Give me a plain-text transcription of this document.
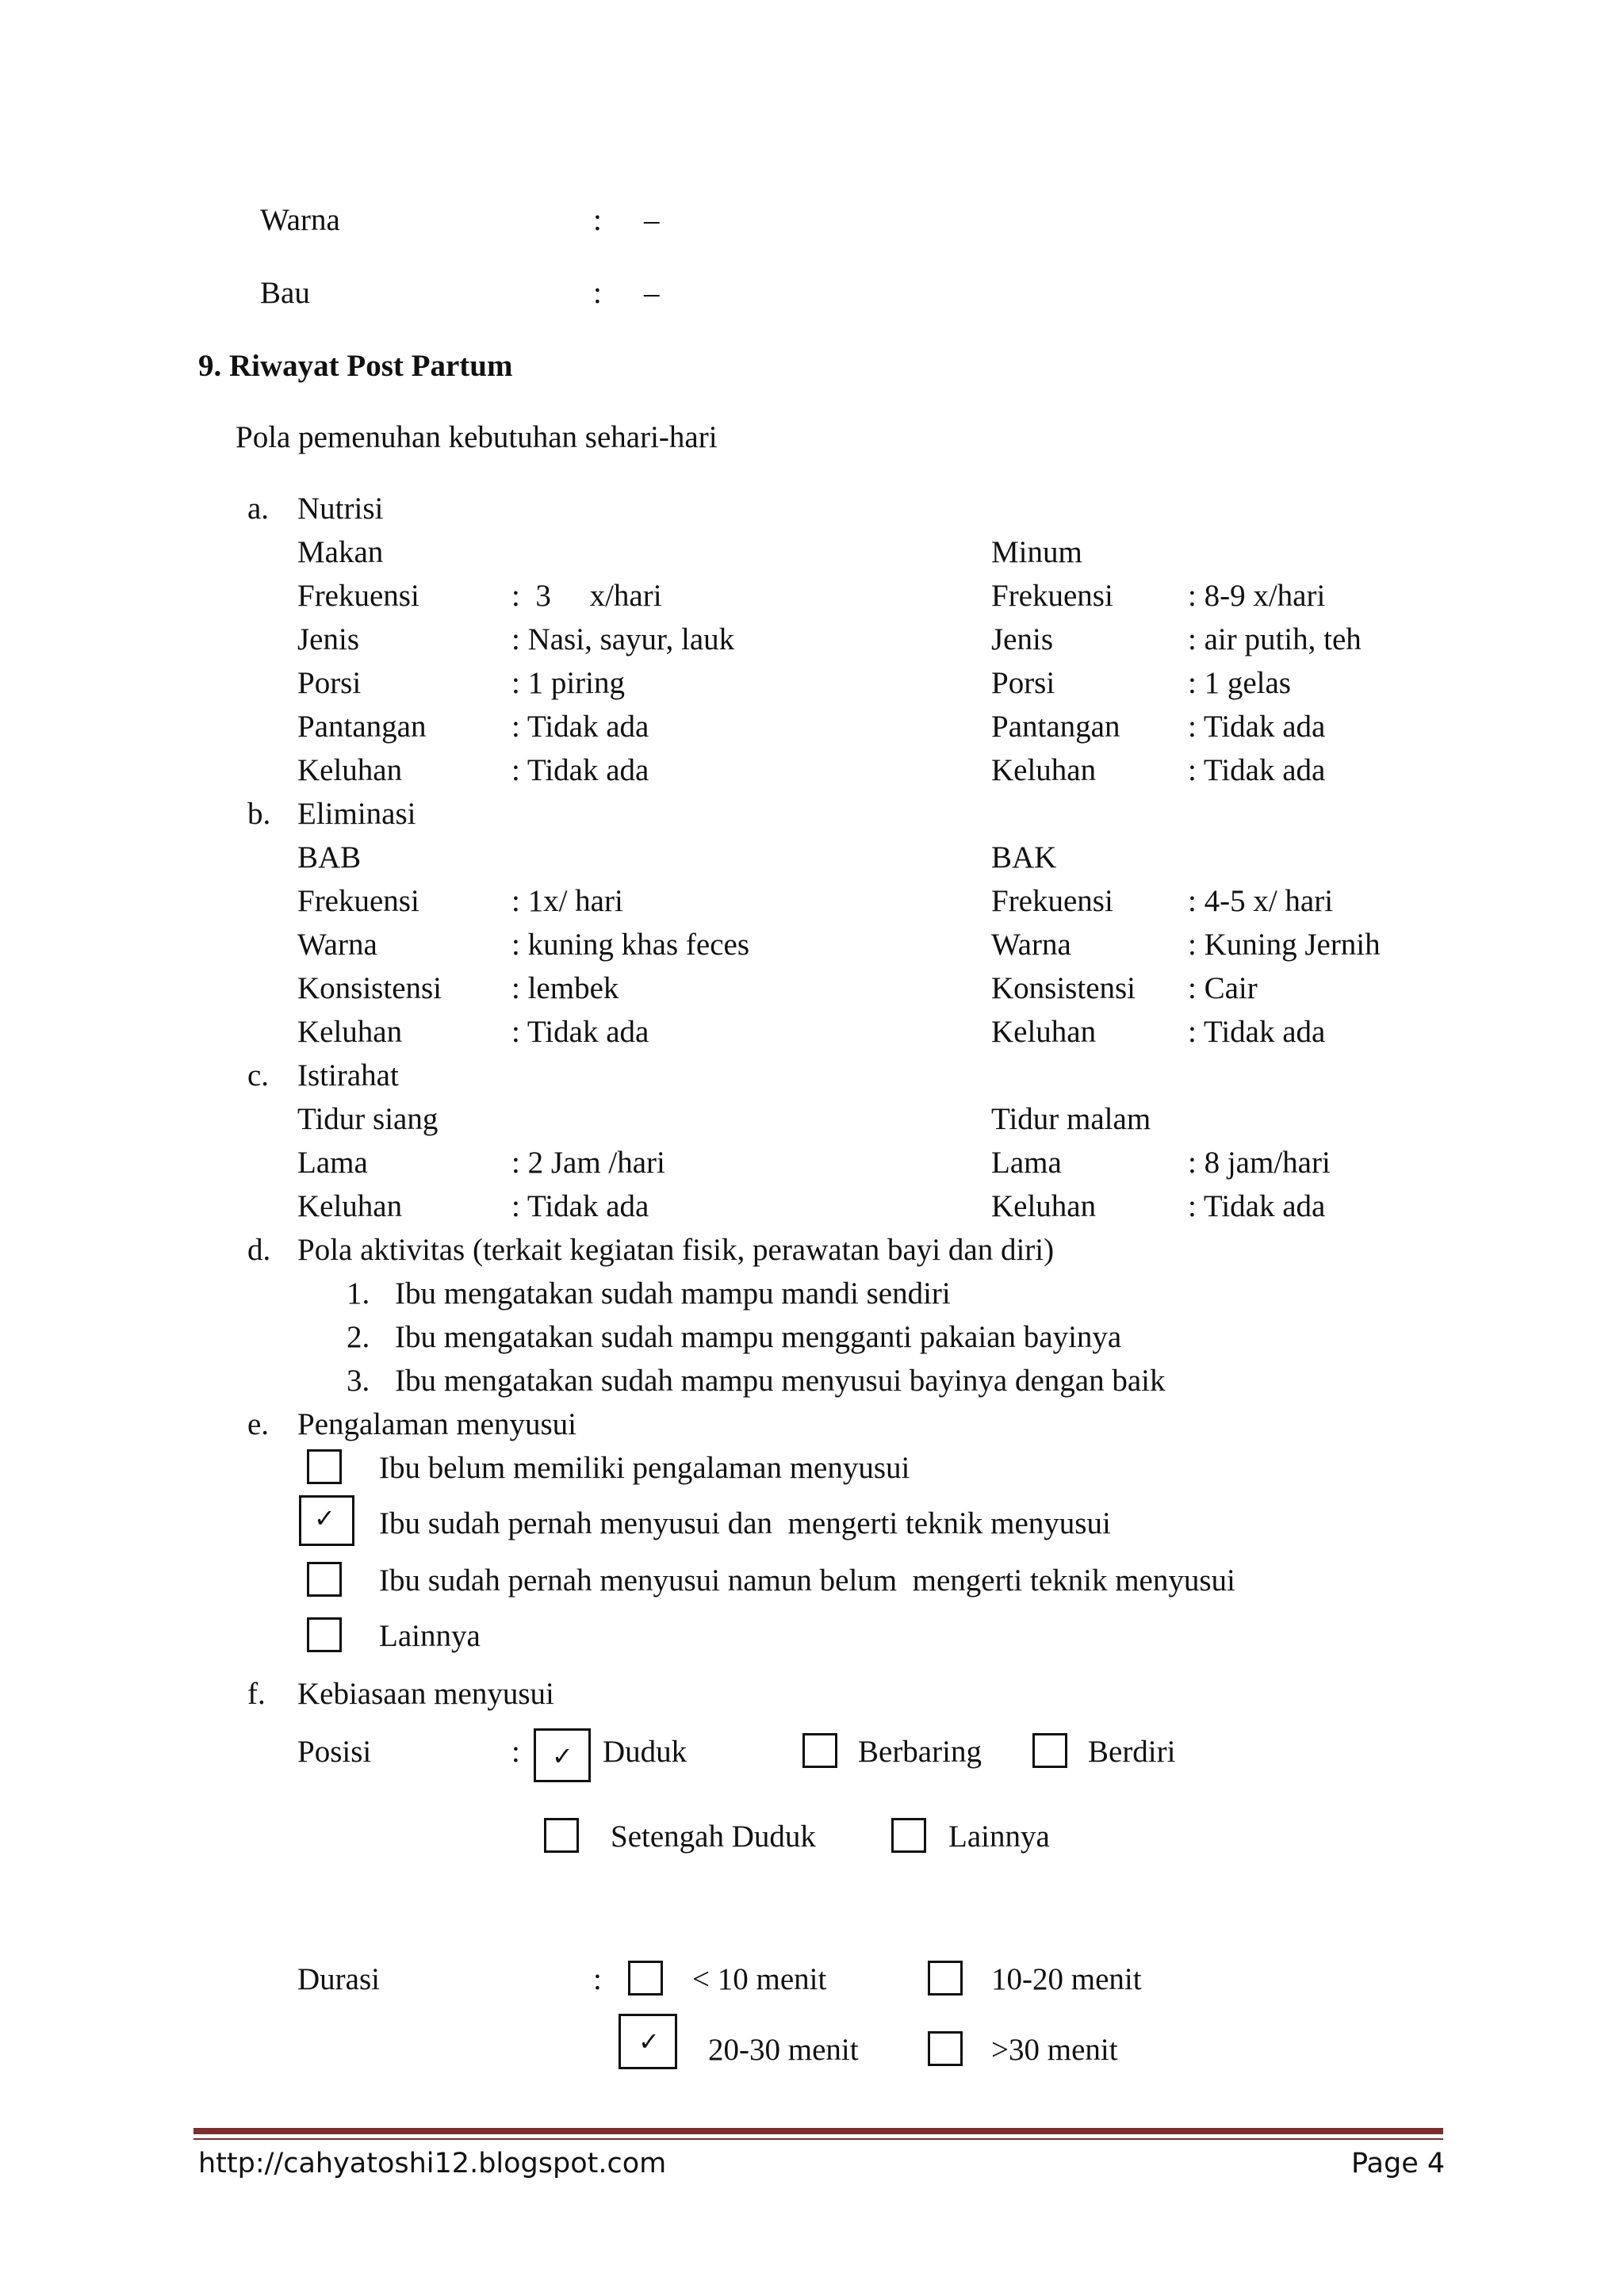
Warna	: –
Bau	: –
9. Riwayat Post Partum
Pola pemenuhan kebutuhan sehari-hari
a. Nutrisi
Makan	Minum
Frekuensi	:  3     x/hari	Frekuensi : 8-9 x/hari
Jenis	: Nasi, sayur, lauk	Jenis	: air putih, teh
Porsi	: 1 piring	Porsi	: 1 gelas
Pantangan	: Tidak ada	Pantangan : Tidak ada
Keluhan	: Tidak ada	Keluhan	: Tidak ada
b. Eliminasi
BAB	BAK
Frekuensi	: 1x/ hari	Frekuensi : 4-5 x/ hari
Warna	: kuning khas feces	Warna	: Kuning Jernih
Konsistensi : lembek	Konsistensi : Cair
Keluhan	: Tidak ada	Keluhan	: Tidak ada
c. Istirahat
Tidur siang	Tidur malam
Lama	: 2 Jam /hari	Lama	: 8 jam/hari
Keluhan	: Tidak ada	Keluhan	: Tidak ada
d. Pola aktivitas (terkait kegiatan fisik, perawatan bayi dan diri)
1. Ibu mengatakan sudah mampu mandi sendiri
2. Ibu mengatakan sudah mampu mengganti pakaian bayinya
3. Ibu mengatakan sudah mampu menyusui bayinya dengan baik
e. Pengalaman menyusui
Ibu belum memiliki pengalaman menyusui
✓ Ibu sudah pernah menyusui dan  mengerti teknik menyusui
Ibu sudah pernah menyusui namun belum  mengerti teknik menyusui
Lainnya
f. Kebiasaan menyusui
Posisi	: ✓ Duduk	Berbaring	Berdiri
Setengah Duduk	Lainnya
Durasi	:	< 10 menit	10-20 menit
✓ 20-30 menit	>30 menit
http://cahyatoshi12.blogspot.com	Page 4
